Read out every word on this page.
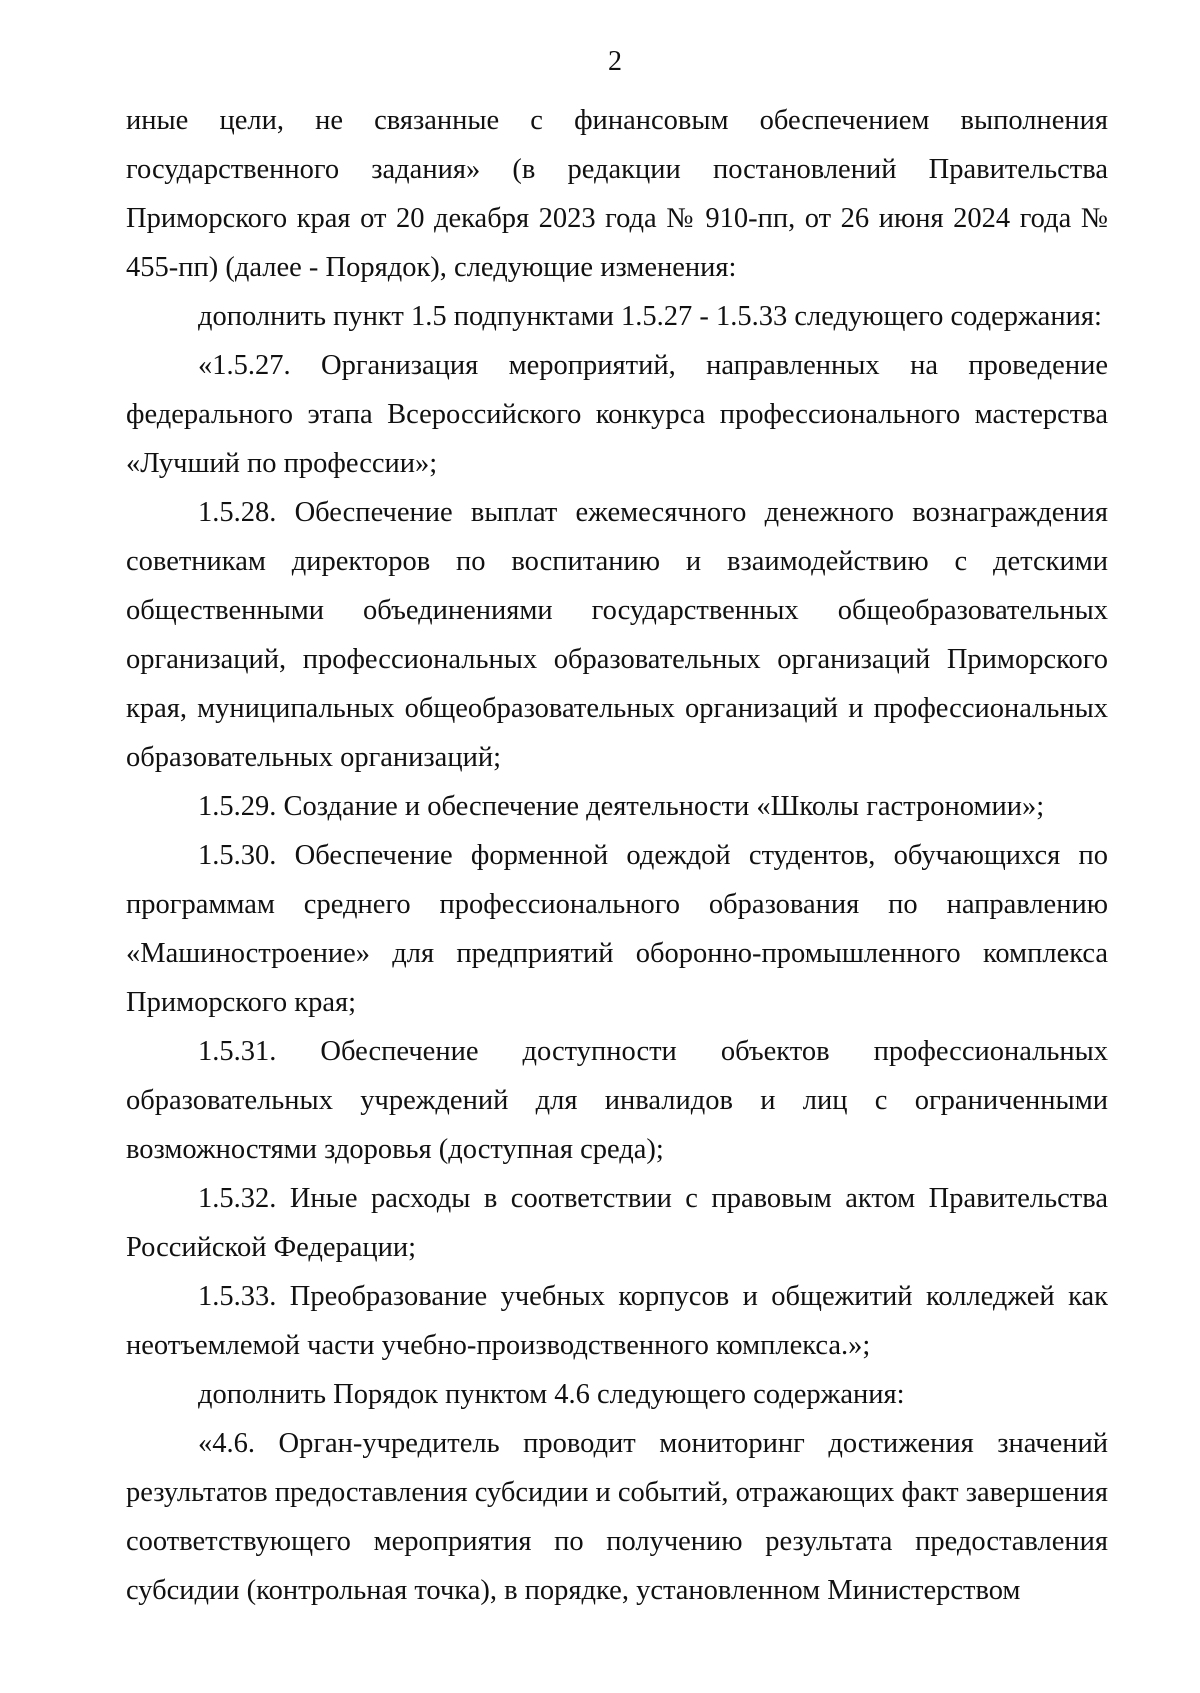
2

иные цели, не связанные с финансовым обеспечением выполнения государственного задания» (в редакции постановлений Правительства Приморского края от 20 декабря 2023 года № 910-пп, от 26 июня 2024 года № 455-пп) (далее - Порядок), следующие изменения:

дополнить пункт 1.5 подпунктами 1.5.27 - 1.5.33 следующего содержания:

«1.5.27. Организация мероприятий, направленных на проведение федерального этапа Всероссийского конкурса профессионального мастерства «Лучший по профессии»;

1.5.28. Обеспечение выплат ежемесячного денежного вознаграждения советникам директоров по воспитанию и взаимодействию с детскими общественными объединениями государственных общеобразовательных организаций, профессиональных образовательных организаций Приморского края, муниципальных общеобразовательных организаций и профессиональных образовательных организаций;

1.5.29. Создание и обеспечение деятельности «Школы гастрономии»;

1.5.30. Обеспечение форменной одеждой студентов, обучающихся по программам среднего профессионального образования по направлению «Машиностроение» для предприятий оборонно-промышленного комплекса Приморского края;

1.5.31. Обеспечение доступности объектов профессиональных образовательных учреждений для инвалидов и лиц с ограниченными возможностями здоровья (доступная среда);

1.5.32. Иные расходы в соответствии с правовым актом Правительства Российской Федерации;

1.5.33. Преобразование учебных корпусов и общежитий колледжей как неотъемлемой части учебно-производственного комплекса.»;

дополнить Порядок пунктом 4.6 следующего содержания:

«4.6. Орган-учредитель проводит мониторинг достижения значений результатов предоставления субсидии и событий, отражающих факт завершения соответствующего мероприятия по получению результата предоставления субсидии (контрольная точка), в порядке, установленном Министерством
